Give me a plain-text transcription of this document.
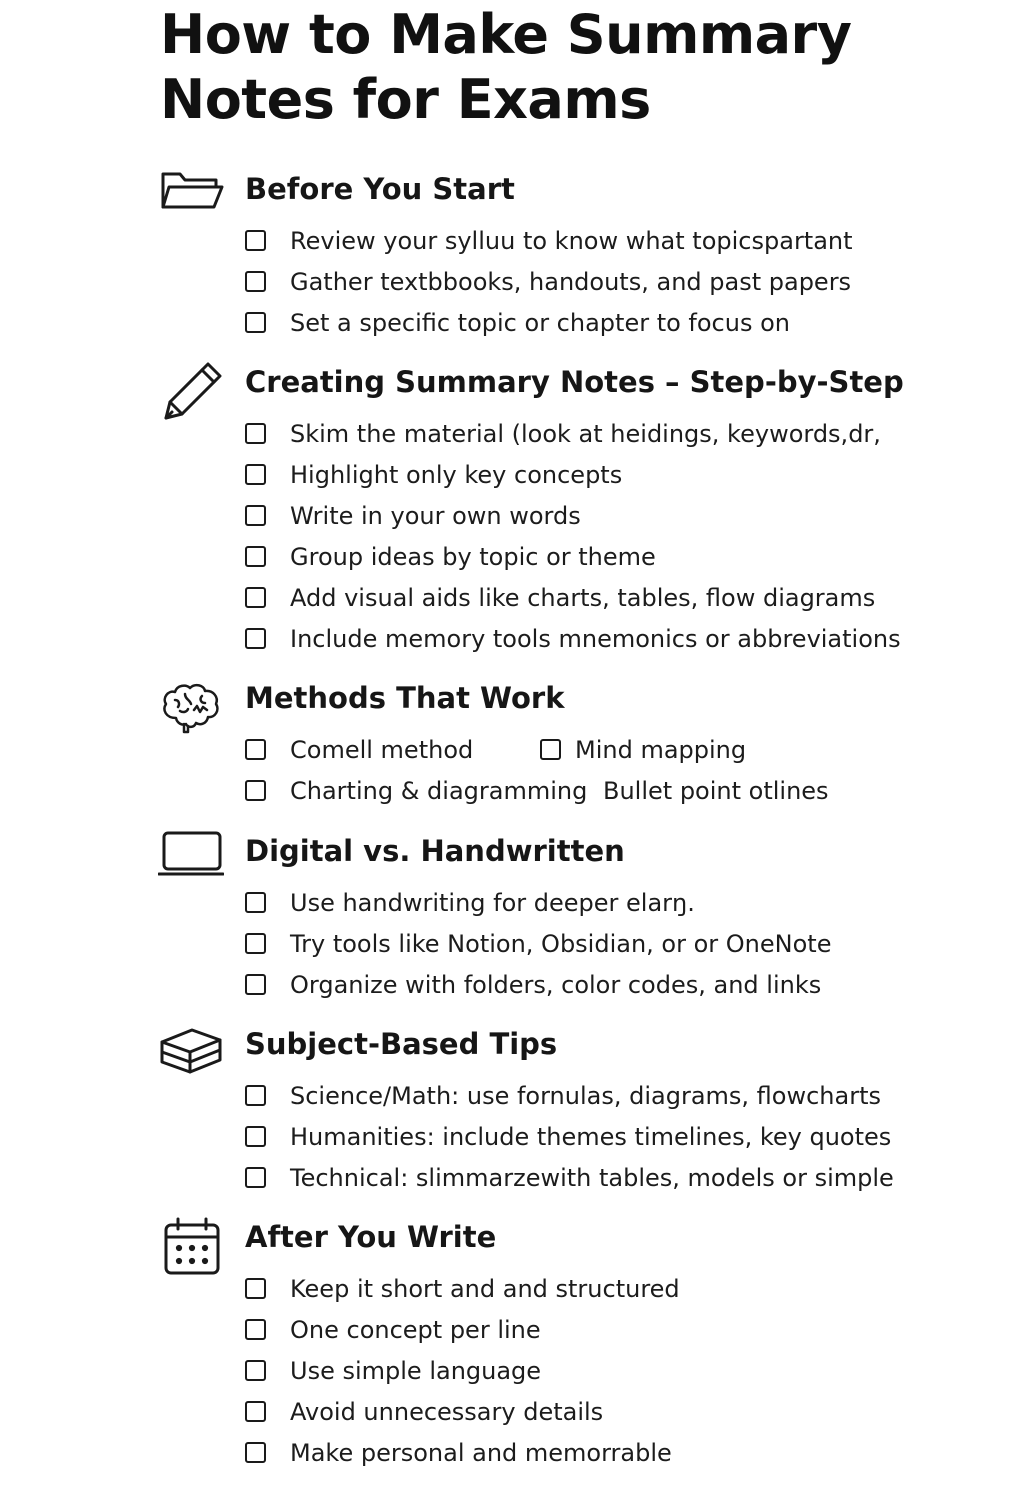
How to Make Summary Notes for Exams
Before You Start
Review your sylluu to know what topicspartant
Gather textbbooks, handouts, and past papers
Set a specific topic or chapter to focus on
Creating Summary Notes – Step-by-Step
Skim the material (look at heidings, keywords,dr,
Highlight only key concepts
Write in your own words
Group ideas by topic or theme
Add visual aids like charts, tables, flow diagrams
Include memory tools mnemonics or abbreviations
Methods That Work
Comell method	Mind mapping
Charting & diagramming Bullet point otlines
Digital vs. Handwritten
Use handwriting for deeper elarŋ.
Try tools like Notion, Obsidian, or or OneNote
Organize with folders, color codes, and links
Subject-Based Tips
Science/Math: use fornulas, diagrams, flowcharts
Humanities: include themes timelines, key quotes
Technical: slimmarzewith tables, models or simple
After You Write
Keep it short and and structured
One concept per line
Use simple language
Avoid unnecessary details
Make personal and memorrable
